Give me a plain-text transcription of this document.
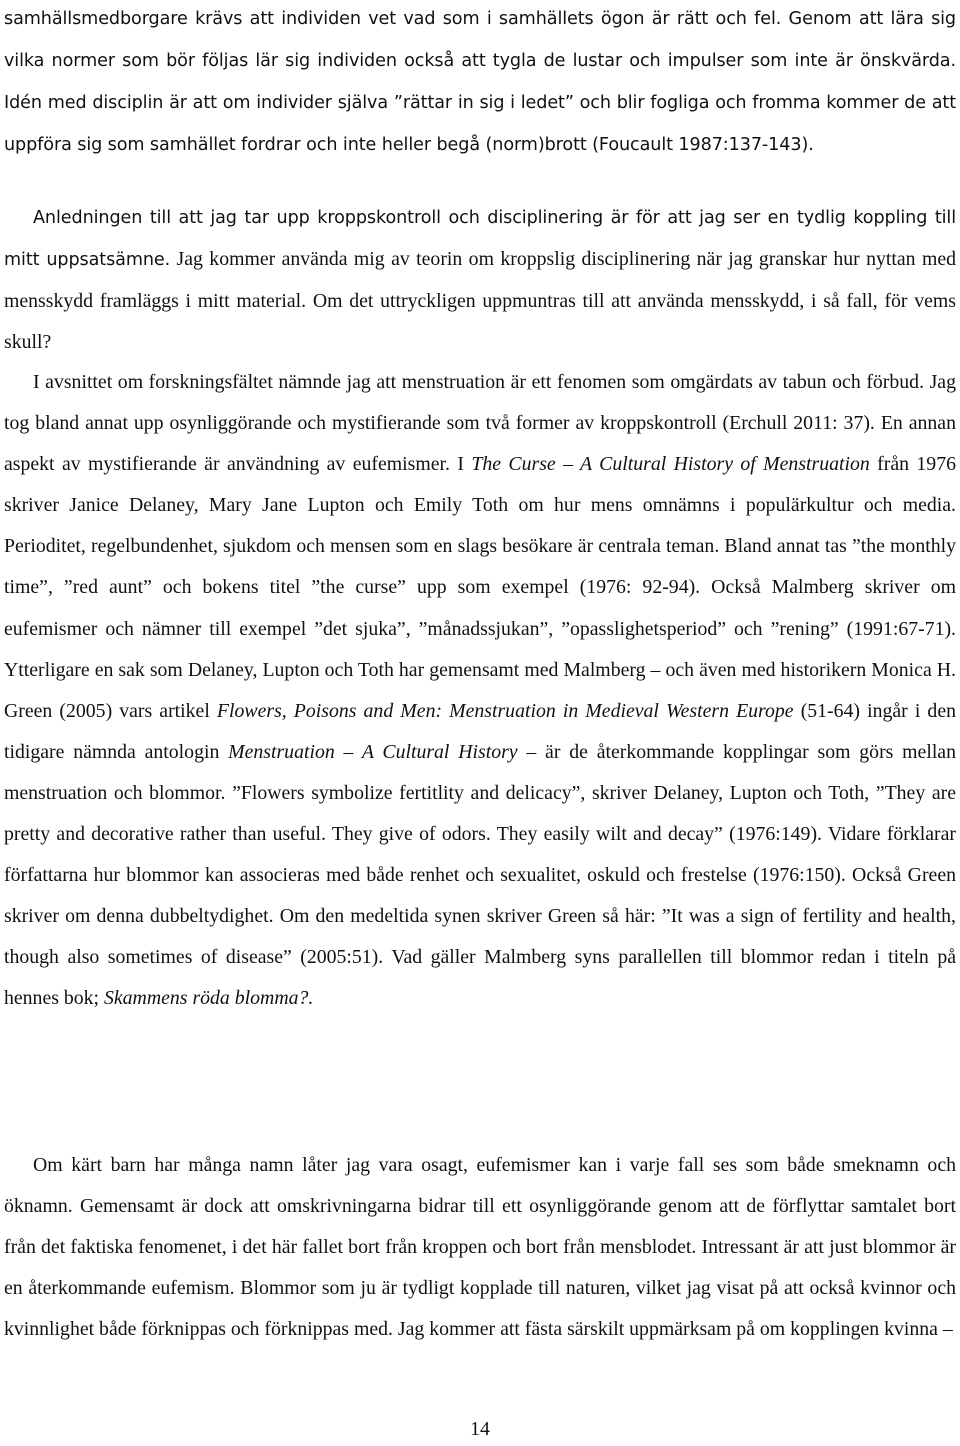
samhällsmedborgare krävs att individen vet vad som i samhällets ögon är rätt och fel. Genom att lära sig vilka normer som bör följas lär sig individen också att tygla de lustar och impulser som inte är önskvärda. Idén med disciplin är att om individer själva ”rättar in sig i ledet” och blir fogliga och fromma kommer de att uppföra sig som samhället fordrar och inte heller begå (norm)brott (Foucault 1987:137-143).

Anledningen till att jag tar upp kroppskontroll och disciplinering är för att jag ser en tydlig koppling till mitt uppsatsämne. Jag kommer använda mig av teorin om kroppslig disciplinering när jag granskar hur nyttan med mensskydd framläggs i mitt material. Om det uttryckligen uppmuntras till att använda mensskydd, i så fall, för vems skull?

I avsnittet om forskningsfältet nämnde jag att menstruation är ett fenomen som omgärdats av tabun och förbud. Jag tog bland annat upp osynliggörande och mystifierande som två former av kroppskontroll (Erchull 2011: 37). En annan aspekt av mystifierande är användning av eufemismer. I The Curse – A Cultural History of Menstruation från 1976 skriver Janice Delaney, Mary Jane Lupton och Emily Toth om hur mens omnämns i populärkultur och media. Perioditet, regelbundenhet, sjukdom och mensen som en slags besökare är centrala teman. Bland annat tas ”the monthly time”, ”red aunt” och bokens titel ”the curse” upp som exempel (1976: 92-94). Också Malmberg skriver om eufemismer och nämner till exempel ”det sjuka”, ”månadssjukan”, ”opasslighetsperiod” och ”rening” (1991:67-71). Ytterligare en sak som Delaney, Lupton och Toth har gemensamt med Malmberg – och även med historikern Monica H. Green (2005) vars artikel Flowers, Poisons and Men: Menstruation in Medieval Western Europe (51-64) ingår i den tidigare nämnda antologin Menstruation – A Cultural History – är de återkommande kopplingar som görs mellan menstruation och blommor. ”Flowers symbolize fertitlity and delicacy”, skriver Delaney, Lupton och Toth, ”They are pretty and decorative rather than useful. They give of odors. They easily wilt and decay” (1976:149). Vidare förklarar författarna hur blommor kan associeras med både renhet och sexualitet, oskuld och frestelse (1976:150). Också Green skriver om denna dubbeltydighet. Om den medeltida synen skriver Green så här: ”It was a sign of fertility and health, though also sometimes of disease” (2005:51). Vad gäller Malmberg syns parallellen till blommor redan i titeln på hennes bok; Skammens röda blomma?.

Om kärt barn har många namn låter jag vara osagt, eufemismer kan i varje fall ses som både smeknamn och öknamn. Gemensamt är dock att omskrivningarna bidrar till ett osynliggörande genom att de förflyttar samtalet bort från det faktiska fenomenet, i det här fallet bort från kroppen och bort från mensblodet. Intressant är att just blommor är en återkommande eufemism. Blommor som ju är tydligt kopplade till naturen, vilket jag visat på att också kvinnor och kvinnlighet både förknippas och förknippas med. Jag kommer att fästa särskilt uppmärksam på om kopplingen kvinna –

14
